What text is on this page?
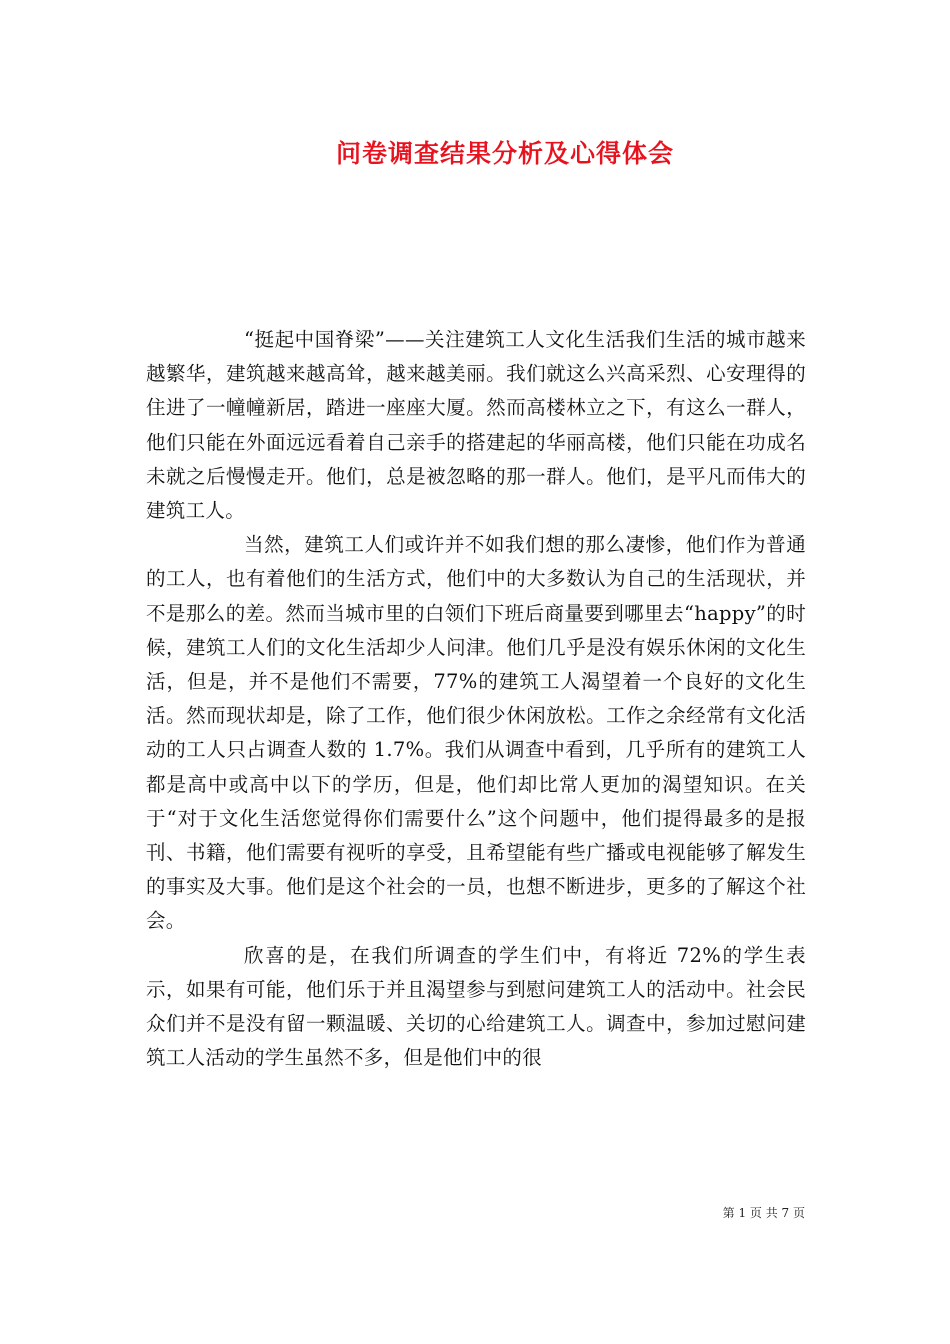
问卷调查结果分析及心得体会

“挺起中国脊梁”——关注建筑工人文化生活我们生活的城市越来越繁华，建筑越来越高耸，越来越美丽。我们就这么兴高采烈、心安理得的住进了一幢幢新居，踏进一座座大厦。然而高楼林立之下，有这么一群人，他们只能在外面远远看着自己亲手的搭建起的华丽高楼，他们只能在功成名未就之后慢慢走开。他们，总是被忽略的那一群人。他们，是平凡而伟大的建筑工人。

当然，建筑工人们或许并不如我们想的那么凄惨，他们作为普通的工人，也有着他们的生活方式，他们中的大多数认为自己的生活现状，并不是那么的差。然而当城市里的白领们下班后商量要到哪里去“happy”的时候，建筑工人们的文化生活却少人问津。他们几乎是没有娱乐休闲的文化生活，但是，并不是他们不需要，77%的建筑工人渴望着一个良好的文化生活。然而现状却是，除了工作，他们很少休闲放松。工作之余经常有文化活动的工人只占调查人数的 1.7%。我们从调查中看到，几乎所有的建筑工人都是高中或高中以下的学历，但是，他们却比常人更加的渴望知识。在关于“对于文化生活您觉得你们需要什么”这个问题中，他们提得最多的是报刊、书籍，他们需要有视听的享受，且希望能有些广播或电视能够了解发生的事实及大事。他们是这个社会的一员，也想不断进步，更多的了解这个社会。

欣喜的是，在我们所调查的学生们中，有将近 72%的学生表示，如果有可能，他们乐于并且渴望参与到慰问建筑工人的活动中。社会民众们并不是没有留一颗温暖、关切的心给建筑工人。调查中，参加过慰问建筑工人活动的学生虽然不多，但是他们中的很

第 1 页 共 7 页
